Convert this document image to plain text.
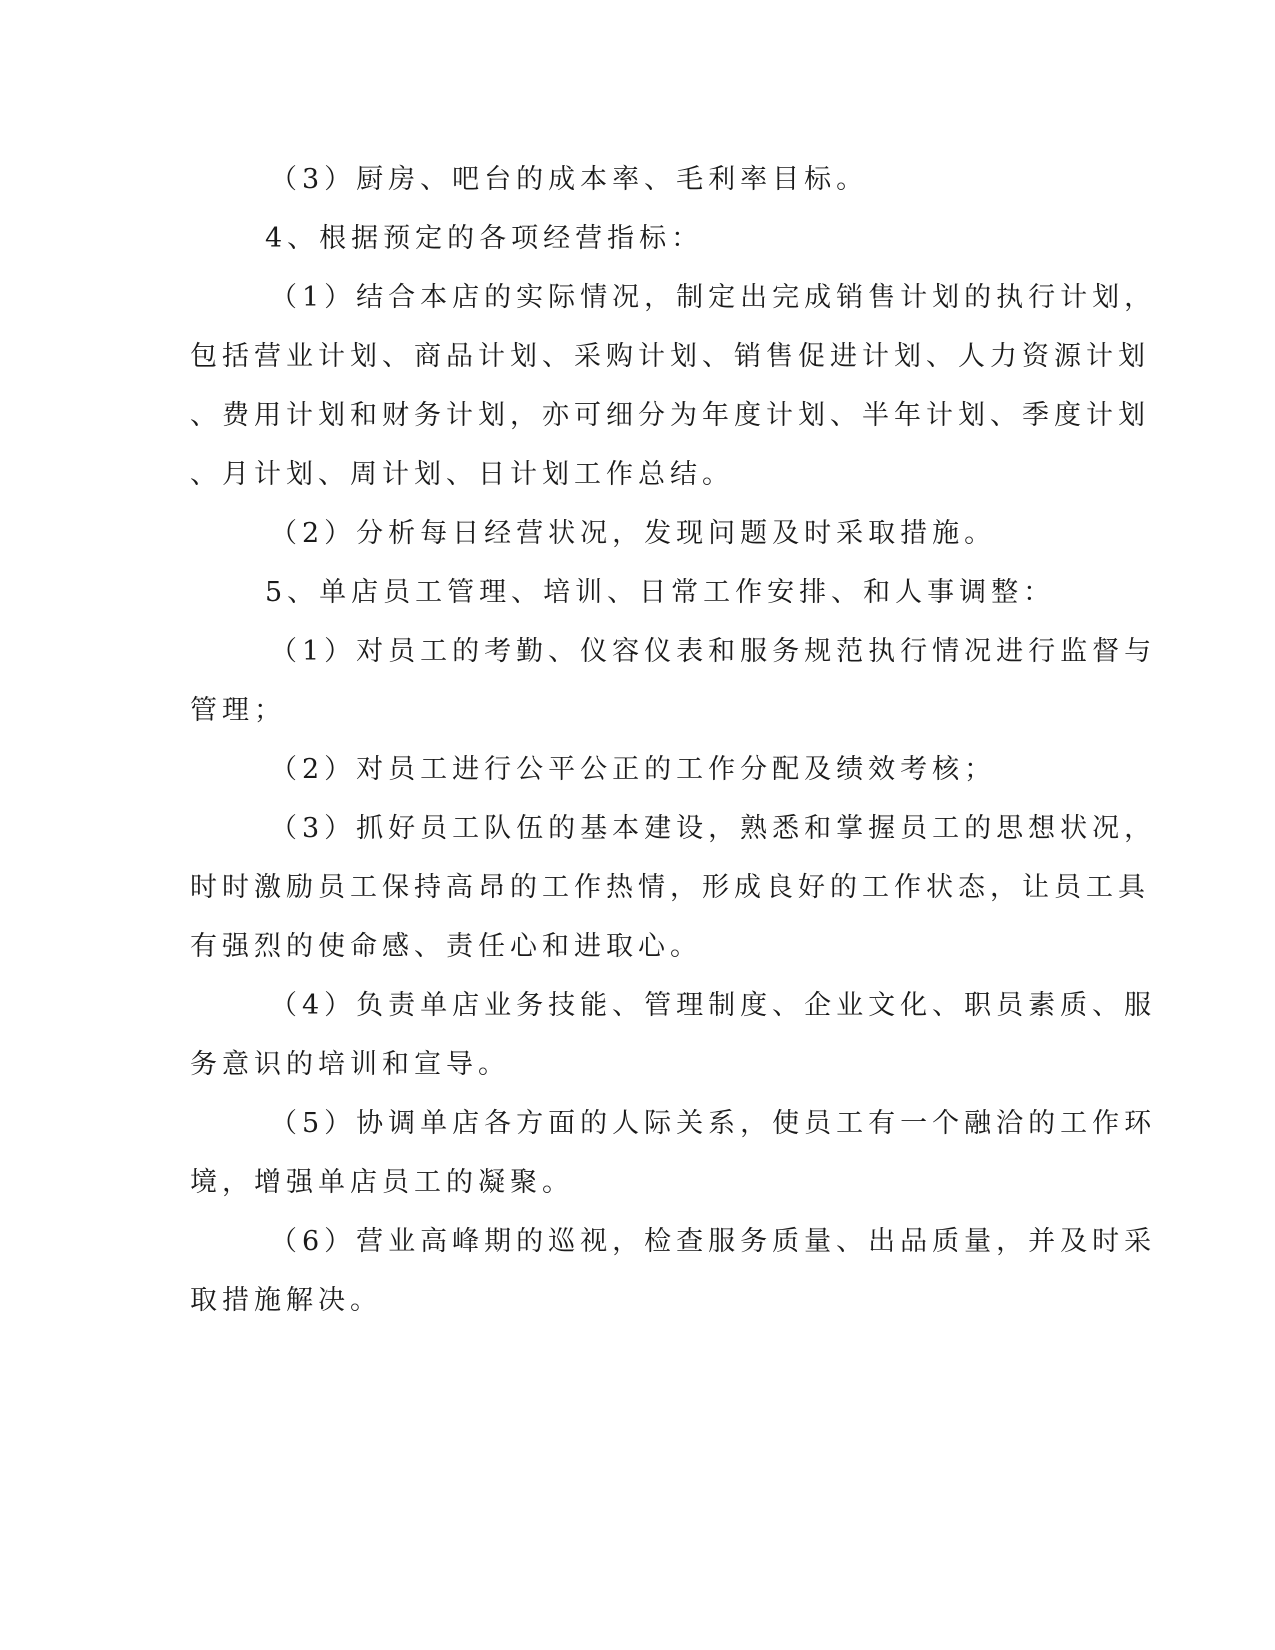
（3）厨房、吧台的成本率、毛利率目标。
4、根据预定的各项经营指标：
（1）结合本店的实际情况，制定出完成销售计划的执行计划，
包括营业计划、商品计划、采购计划、销售促进计划、人力资源计划
、费用计划和财务计划，亦可细分为年度计划、半年计划、季度计划
、月计划、周计划、日计划工作总结。
（2）分析每日经营状况，发现问题及时采取措施。
5、单店员工管理、培训、日常工作安排、和人事调整：
（1）对员工的考勤、仪容仪表和服务规范执行情况进行监督与
管理；
（2）对员工进行公平公正的工作分配及绩效考核；
（3）抓好员工队伍的基本建设，熟悉和掌握员工的思想状况，
时时激励员工保持高昂的工作热情，形成良好的工作状态，让员工具
有强烈的使命感、责任心和进取心。
（4）负责单店业务技能、管理制度、企业文化、职员素质、服
务意识的培训和宣导。
（5）协调单店各方面的人际关系，使员工有一个融洽的工作环
境，增强单店员工的凝聚。
（6）营业高峰期的巡视，检查服务质量、出品质量，并及时采
取措施解决。
